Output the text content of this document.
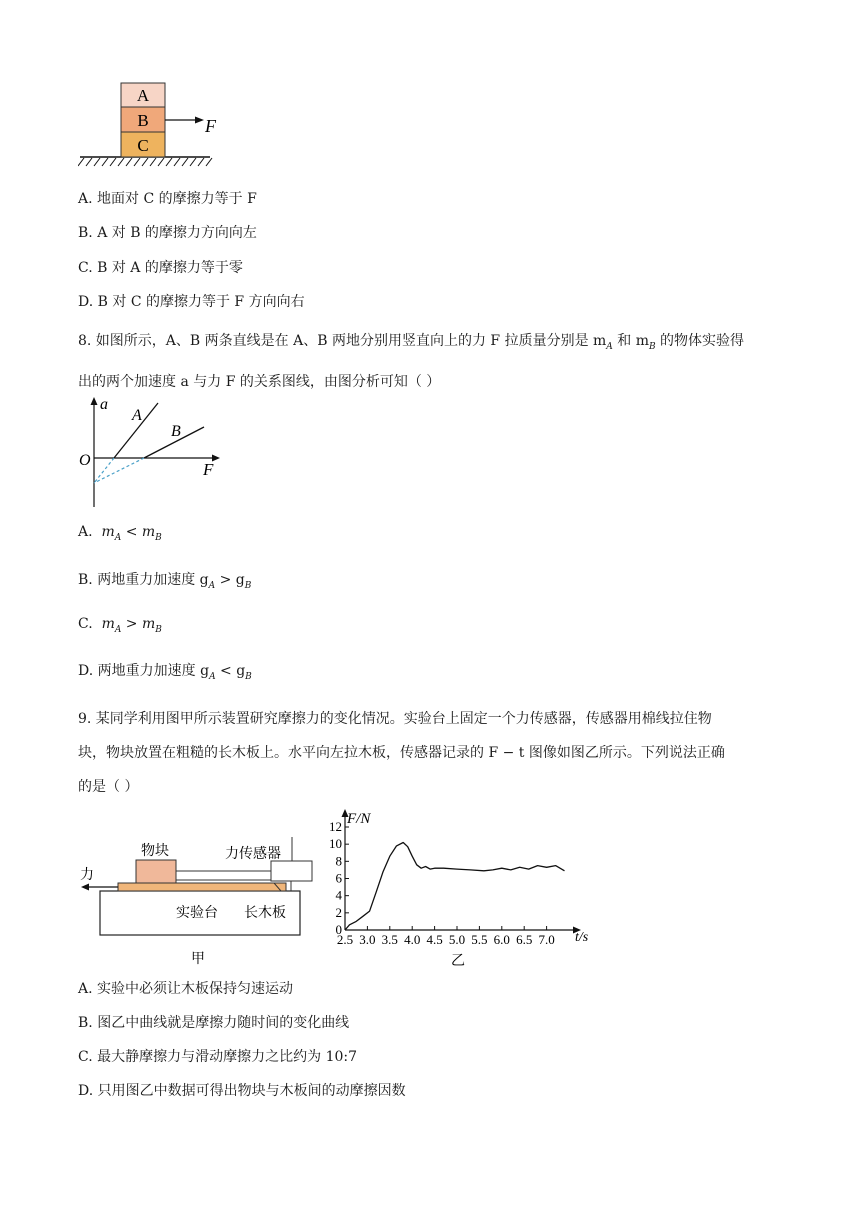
A
B
C
F
A. 地面对 C 的摩擦力等于 F
B. A 对 B 的摩擦力方向向左
C. B 对 A 的摩擦力等于零
D. B 对 C 的摩擦力等于 F 方向向右
8. 如图所示，A、B 两条直线是在 A、B 两地分别用竖直向上的力 F 拉质量分别是 $m_A$ 和 $m_B$ 的物体实验得
出的两个加速度 a 与力 F 的关系图线，由图分析可知（ ）
a
F
O
A
B
A. $m_A < m_B$
B. 两地重力加速度 $g_A > g_B$
C. $m_A > m_B$
D. 两地重力加速度 $g_A < g_B$
9. 某同学利用图甲所示装置研究摩擦力的变化情况。实验台上固定一个力传感器，传感器用棉线拉住物
块，物块放置在粗糙的长木板上。水平向左拉木板，传感器记录的 F − t 图像如图乙所示。下列说法正确
的是（ ）
物块	力传感器
力
实验台 长木板
甲
F/N
t/s
乙
0
2
4
6
8
10
12
2.5 3.0 3.5 4.0 4.5 5.0 5.5 6.0 6.5 7.0
A. 实验中必须让木板保持匀速运动
B. 图乙中曲线就是摩擦力随时间的变化曲线
C. 最大静摩擦力与滑动摩擦力之比约为 10:7
D. 只用图乙中数据可得出物块与木板间的动摩擦因数
